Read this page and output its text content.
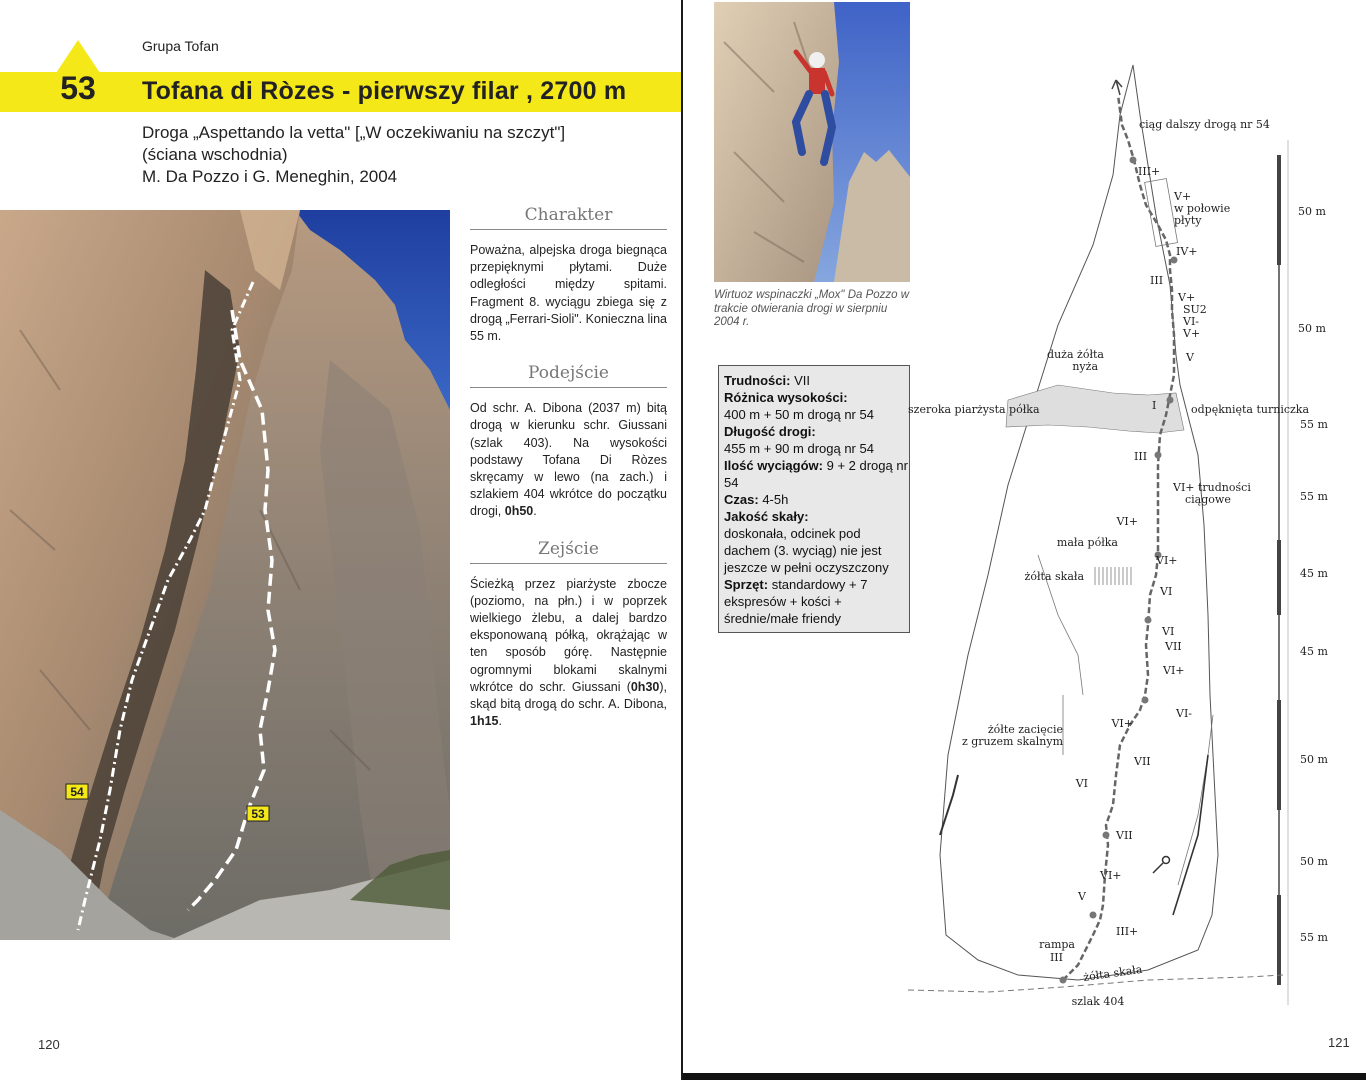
Grupa Tofan
53	Tofana di Ròzes - pierwszy filar , 2700 m
Droga „Aspettando la vetta" [„W oczekiwaniu na szczyt"]
(ściana wschodnia)
M. Da Pozzo i G. Meneghin, 2004
54
53
Charakter
Poważna, alpejska droga biegnąca przepięknymi płytami. Duże odległości między spitami. Fragment 8. wyciągu zbiega się z drogą „Ferrari-Sioli". Konieczna lina 55 m.
Podejście
Od schr. A. Dibona (2037 m) bitą drogą w kierunku schr. Giussani (szlak 403). Na wysokości podstawy Tofana Di Ròzes skręcamy w lewo (na zach.) i szlakiem 404 wkrótce do początku drogi, 0h50.
Zejście
Ścieżką przez piarżyste zbocze (poziomo, na płn.) i w poprzek wielkiego żlebu, a dalej bardzo eksponowaną półką, okrążając w ten sposób górę. Następnie ogromnymi blokami skalnymi wkrótce do schr. Giussani (0h30), skąd bitą drogą do schr. A. Dibona, 1h15.
120
Wirtuoz wspinaczki „Mox" Da Pozzo w trakcie otwierania drogi w sierpniu 2004 r.
Trudności: VII
Różnica wysokości:
400 m + 50 m drogą nr 54
Długość drogi:
455 m + 90 m drogą nr 54
Ilość wyciągów: 9 + 2 drogą nr 54
Czas: 4-5h
Jakość skały:
doskonała, odcinek pod dachem (3. wyciąg) nie jest jeszcze w pełni oczyszczony
Sprzęt: standardowy + 7 ekspresów + kości + średnie/małe friendy
ciąg dalszy drogą nr 54
szeroka piarżysta półka
duża żółta
nyża
odpęknięta turniczka
VI+ trudności
ciągowe
mała półka
żółta skała
żółte zacięcie
z gruzem skalnym
rampa
III
żółta skała
szlak 404
V+
w połowie
płyty
III+
IV+
III
V+
SU2
VI-
V+
V
I
III
VI+
VI+
VI
VI
VII
VI+
VI+
VI-
VII
VI
VII
VI+
V
III+
50 m
50 m
55 m
55 m
45 m
45 m
50 m
50 m
55 m
121
